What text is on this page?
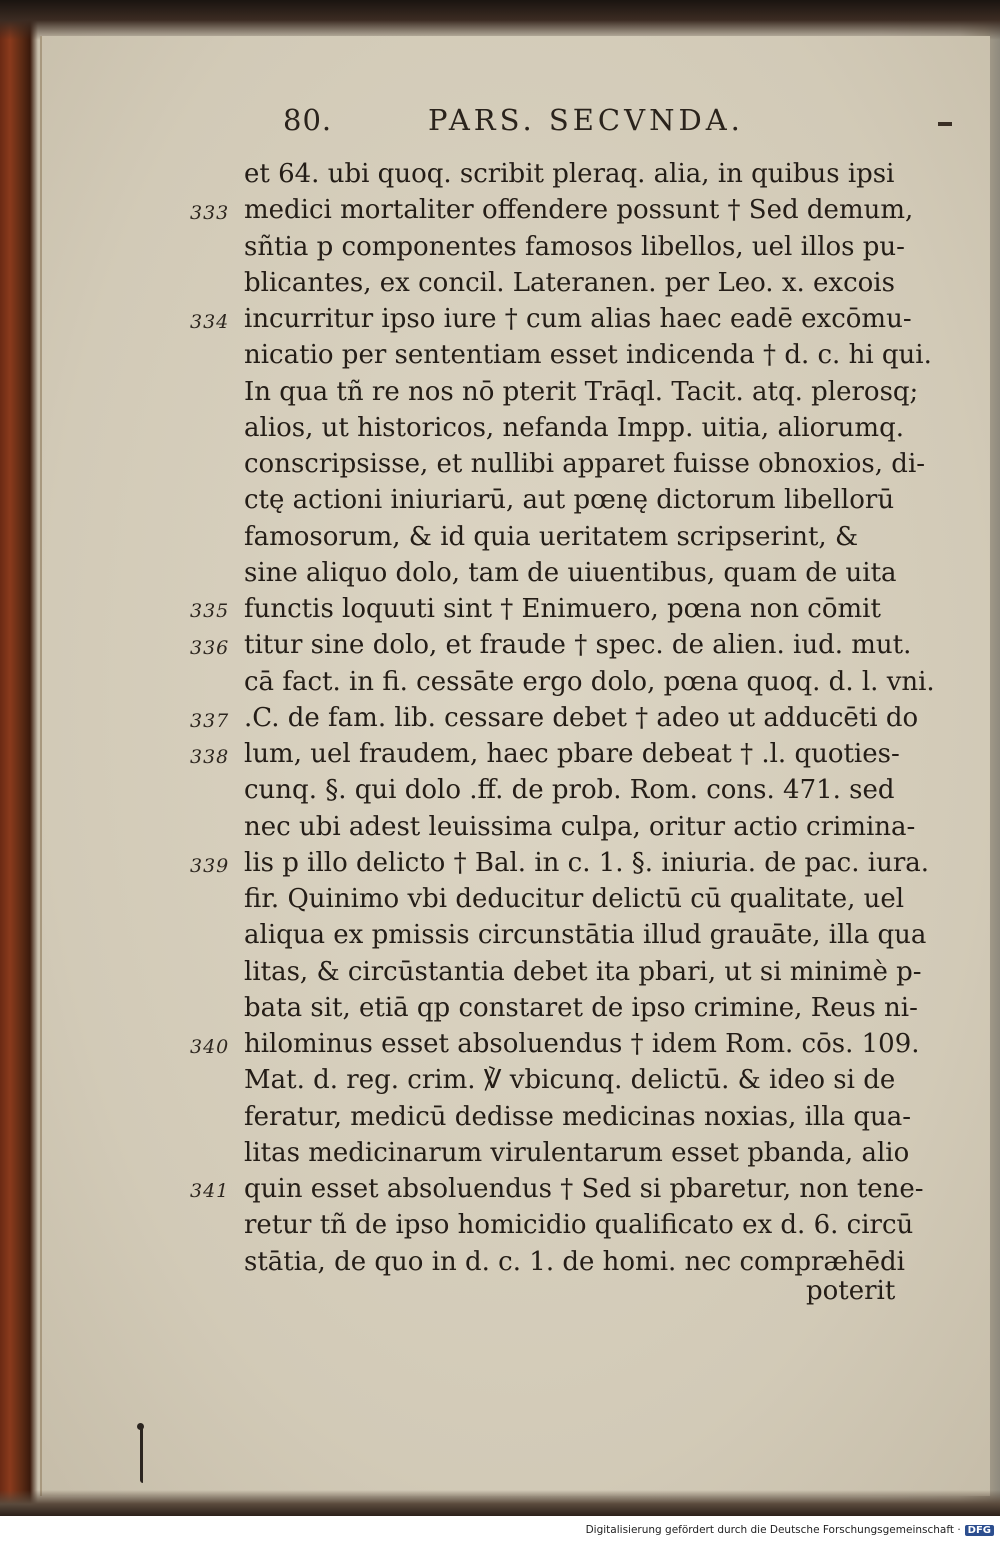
80.	PARS. SECVNDA.
et 64. ubi quoq. scribit pleraq. alia, in quibus ipsi
medici mortaliter offendere possunt † Sed demum,
sñtia p componentes famosos libellos, uel illos pu-
blicantes, ex concil. Lateranen. per Leo. x. excois
incurritur ipso iure † cum alias haec eadē excōmu-
nicatio per sententiam esset indicenda † d. c. hi qui.
In qua tñ re nos nō pterit Trāql. Tacit. atq. plerosq;
alios, ut historicos, nefanda Impp. uitia, aliorumq.
conscripsisse, et nullibi apparet fuisse obnoxios, di-
ctę actioni iniuriarū, aut pœnę dictorum libellorū
famosorum, & id quia ueritatem scripserint, &
sine aliquo dolo, tam de uiuentibus, quam de uita
functis loquuti sint † Enimuero, pœna non cōmit
titur sine dolo, et fraude † spec. de alien. iud. mut.
cā fact. in fi. cessāte ergo dolo, pœna quoq. d. l. vni.
.C. de fam. lib. cessare debet † adeo ut adducēti do
lum, uel fraudem, haec pbare debeat † .l. quoties-
cunq. §. qui dolo .ff. de prob. Rom. cons. 471. sed
nec ubi adest leuissima culpa, oritur actio crimina-
lis p illo delicto † Bal. in c. 1. §. iniuria. de pac. iura.
fir. Quinimo vbi deducitur delictū cū qualitate, uel
aliqua ex pmissis circunstātia illud grauāte, illa qua
litas, & circūstantia debet ita pbari, ut si minimè p-
bata sit, etiā qp constaret de ipso crimine, Reus ni-
hilominus esset absoluendus † idem Rom. cōs. 109.
Mat. d. reg. crim. ℣ vbicunq. delictū. & ideo si de
feratur, medicū dedisse medicinas noxias, illa qua-
litas medicinarum virulentarum esset pbanda, alio
quin esset absoluendus † Sed si pbaretur, non tene-
retur tñ de ipso homicidio qualificato ex d. 6. circū
stātia, de quo in d. c. 1. de homi. nec compræhēdi
333
334
335
336
337
338
339
340
341
poterit
Digitalisierung gefördert durch die Deutsche Forschungsgemeinschaft · DFG
